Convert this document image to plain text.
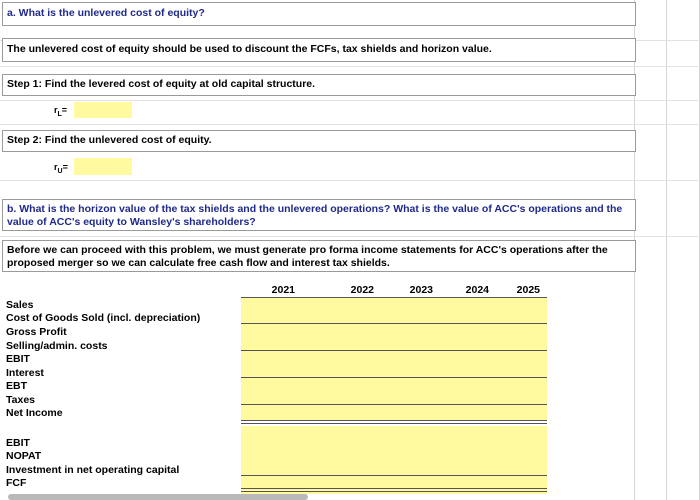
a. What is the unlevered cost of equity?
The unlevered cost of equity should be used to discount the FCFs, tax shields and horizon value.
Step 1: Find the levered cost of equity at old capital structure.
$r_L=$
Step 2: Find the unlevered cost of equity.
$r_U=$
b. What is the horizon value of the tax shields and the unlevered operations? What is the value of ACC's operations and the
value of ACC's equity to Wansley's shareholders?
Before we can proceed with this problem, we must generate pro forma income statements for ACC's operations after the
proposed merger so we can calculate free cash flow and interest tax shields.
2021	2022	2023	2024	2025
Sales
Cost of Goods Sold (incl. depreciation)
Gross Profit
Selling/admin. costs
EBIT
Interest
EBT
Taxes
Net Income
EBIT
NOPAT
Investment in net operating capital
FCF
